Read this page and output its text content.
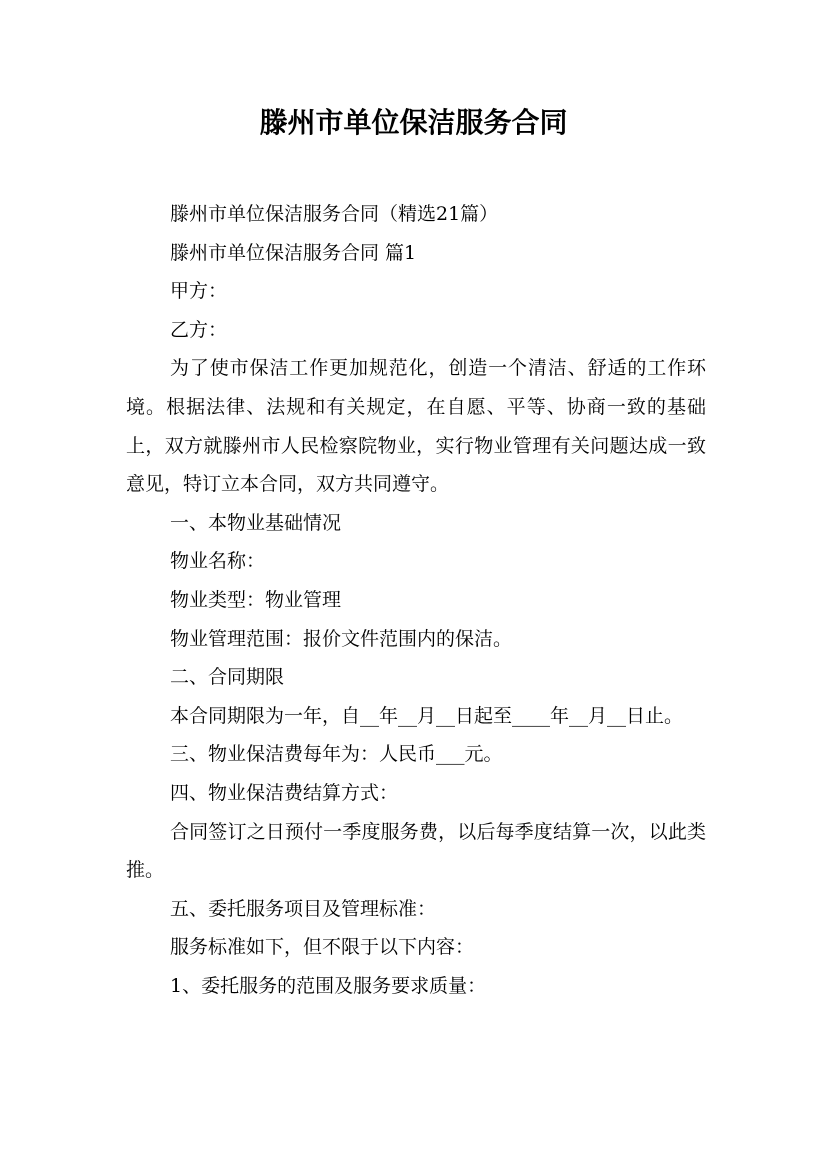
滕州市单位保洁服务合同

滕州市单位保洁服务合同（精选21篇）

滕州市单位保洁服务合同 篇1

甲方：

乙方：

为了使市保洁工作更加规范化，创造一个清洁、舒适的工作环境。根据法律、法规和有关规定，在自愿、平等、协商一致的基础上，双方就滕州市人民检察院物业，实行物业管理有关问题达成一致意见，特订立本合同，双方共同遵守。

一、本物业基础情况

物业名称：

物业类型：物业管理

物业管理范围：报价文件范围内的保洁。

二、合同期限

本合同期限为一年，自__年__月__日起至____年__月__日止。

三、物业保洁费每年为：人民币___元。

四、物业保洁费结算方式：

合同签订之日预付一季度服务费，以后每季度结算一次，以此类推。

五、委托服务项目及管理标准：

服务标准如下，但不限于以下内容：

1、委托服务的范围及服务要求质量：
